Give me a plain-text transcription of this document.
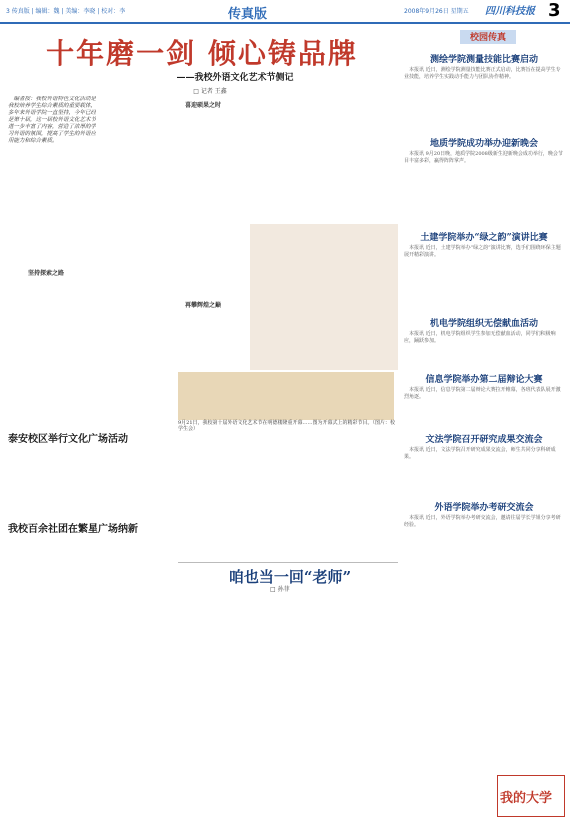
3 传真版 | 编辑：魏 | 美编：李晓 | 校对：李	传真版	2008年9月26日 星期五 四川科技报 3
十年磨一剑 倾心铸品牌
——我校外语文化艺术节侧记
□ 记者 王鑫

编者按：我校外语特色文化活动是我校培养学生综合素质的重要载体，多年来外语学院一直坚持，今年已经是第十届，这一届校外语文化艺术节进一步丰富了内容，营造了浓厚的学习外语的氛围，提高了学生的外语应用能力和综合素质。

坚持探索之路
喜迎硕果之时
再攀辉煌之巅
9月21日，我校第十届外语文化艺术节在明德楼隆重开幕……图为开幕式上的精彩节目。（图片：校学生会）
泰安校区举行文化广场活动
我校百余社团在繁星广场纳新
校园传真
测绘学院测量技能比赛启动
本报讯 近日，测绘学院测量技能比赛正式启动，比赛旨在提高学生专业技能，培养学生实践动手能力与团队协作精神。
地质学院成功举办迎新晚会
本报讯 9月20日晚，地质学院2008级新生迎新晚会成功举行，晚会节目丰富多彩，赢得阵阵掌声。
土建学院举办“绿之韵”演讲比赛
本报讯 近日，土建学院举办“绿之韵”演讲比赛，选手们围绕环保主题展开精彩演讲。
机电学院组织无偿献血活动
本报讯 近日，机电学院组织学生参加无偿献血活动，同学们积极响应，踊跃参加。
信息学院举办第二届辩论大赛
本报讯 近日，信息学院第二届辩论大赛拉开帷幕，各班代表队展开激烈角逐。
文法学院召开研究成果交流会
本报讯 近日，文法学院召开研究成果交流会，师生共同分享科研成果。
外语学院举办考研交流会
本报讯 近日，外语学院举办考研交流会，邀请往届学长学姐分享考研经验。
咱也当一回“老师”
□ 孙菲
我的大学
